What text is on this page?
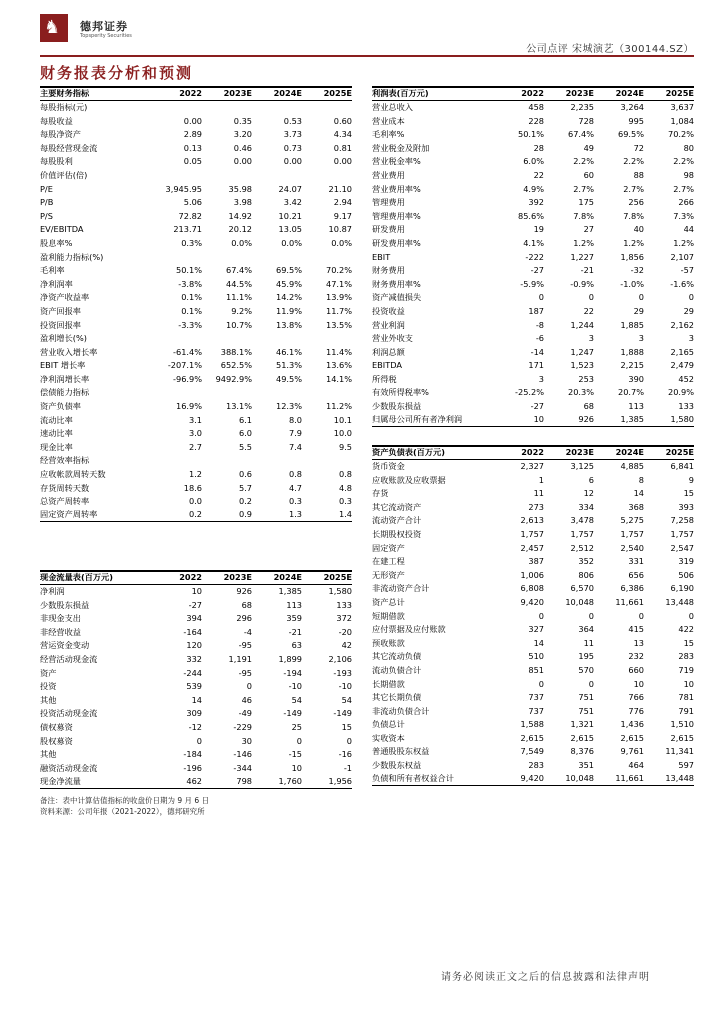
♞ 德邦证券
Topsperity Securities
公司点评 宋城演艺（300144.SZ）
财务报表分析和预测
主要财务指标	2022	2023E	2024E	2025E
每股指标(元)
每股收益	0.00	0.35	0.53	0.60
每股净资产	2.89	3.20	3.73	4.34
每股经营现金流	0.13	0.46	0.73	0.81
每股股利	0.05	0.00	0.00	0.00
价值评估(倍)
P/E	3,945.95	35.98	24.07	21.10
P/B	5.06	3.98	3.42	2.94
P/S	72.82	14.92	10.21	9.17
EV/EBITDA	213.71	20.12	13.05	10.87
股息率%	0.3%	0.0%	0.0%	0.0%
盈利能力指标(%)
毛利率	50.1%	67.4%	69.5%	70.2%
净利润率	-3.8%	44.5%	45.9%	47.1%
净资产收益率	0.1%	11.1%	14.2%	13.9%
资产回报率	0.1%	9.2%	11.9%	11.7%
投资回报率	-3.3%	10.7%	13.8%	13.5%
盈利增长(%)
营业收入增长率	-61.4%	388.1%	46.1%	11.4%
EBIT 增长率	-207.1%	652.5%	51.3%	13.6%
净利润增长率	-96.9%	9492.9%	49.5%	14.1%
偿债能力指标
资产负债率	16.9%	13.1%	12.3%	11.2%
流动比率	3.1	6.1	8.0	10.1
速动比率	3.0	6.0	7.9	10.0
现金比率	2.7	5.5	7.4	9.5
经营效率指标
应收帐款周转天数	1.2	0.6	0.8	0.8
存货周转天数	18.6	5.7	4.7	4.8
总资产周转率	0.0	0.2	0.3	0.3
固定资产周转率	0.2	0.9	1.3	1.4
利润表(百万元)	2022	2023E	2024E	2025E
营业总收入	458	2,235	3,264	3,637
营业成本	228	728	995	1,084
毛利率%	50.1%	67.4%	69.5%	70.2%
营业税金及附加	28	49	72	80
营业税金率%	6.0%	2.2%	2.2%	2.2%
营业费用	22	60	88	98
营业费用率%	4.9%	2.7%	2.7%	2.7%
管理费用	392	175	256	266
管理费用率%	85.6%	7.8%	7.8%	7.3%
研发费用	19	27	40	44
研发费用率%	4.1%	1.2%	1.2%	1.2%
EBIT	-222	1,227	1,856	2,107
财务费用	-27	-21	-32	-57
财务费用率%	-5.9%	-0.9%	-1.0%	-1.6%
资产减值损失	0	0	0	0
投资收益	187	22	29	29
营业利润	-8	1,244	1,885	2,162
营业外收支	-6	3	3	3
利润总额	-14	1,247	1,888	2,165
EBITDA	171	1,523	2,215	2,479
所得税	3	253	390	452
有效所得税率%	-25.2%	20.3%	20.7%	20.9%
少数股东损益	-27	68	113	133
归属母公司所有者净利润	10	926	1,385	1,580
资产负债表(百万元)	2022	2023E	2024E	2025E
货币资金	2,327	3,125	4,885	6,841
应收账款及应收票据	1	6	8	9
存货	11	12	14	15
其它流动资产	273	334	368	393
流动资产合计	2,613	3,478	5,275	7,258
长期股权投资	1,757	1,757	1,757	1,757
固定资产	2,457	2,512	2,540	2,547
在建工程	387	352	331	319
无形资产	1,006	806	656	506
非流动资产合计	6,808	6,570	6,386	6,190
资产总计	9,420	10,048	11,661	13,448
短期借款	0	0	0	0
应付票据及应付账款	327	364	415	422
预收账款	14	11	13	15
其它流动负债	510	195	232	283
流动负债合计	851	570	660	719
长期借款	0	0	10	10
其它长期负债	737	751	766	781
非流动负债合计	737	751	776	791
负债总计	1,588	1,321	1,436	1,510
实收资本	2,615	2,615	2,615	2,615
普通股股东权益	7,549	8,376	9,761	11,341
少数股东权益	283	351	464	597
负债和所有者权益合计	9,420	10,048	11,661	13,448
现金流量表(百万元)	2022	2023E	2024E	2025E
净利润	10	926	1,385	1,580
少数股东损益	-27	68	113	133
非现金支出	394	296	359	372
非经营收益	-164	-4	-21	-20
营运资金变动	120	-95	63	42
经营活动现金流	332	1,191	1,899	2,106
资产	-244	-95	-194	-193
投资	539	0	-10	-10
其他	14	46	54	54
投资活动现金流	309	-49	-149	-149
债权募资	-12	-229	25	15
股权募资	0	30	0	0
其他	-184	-146	-15	-16
融资活动现金流	-196	-344	10	-1
现金净流量	462	798	1,760	1,956
备注：表中计算估值指标的收盘价日期为 9 月 6 日
资料来源：公司年报（2021-2022），德邦研究所
请务必阅读正文之后的信息披露和法律声明
